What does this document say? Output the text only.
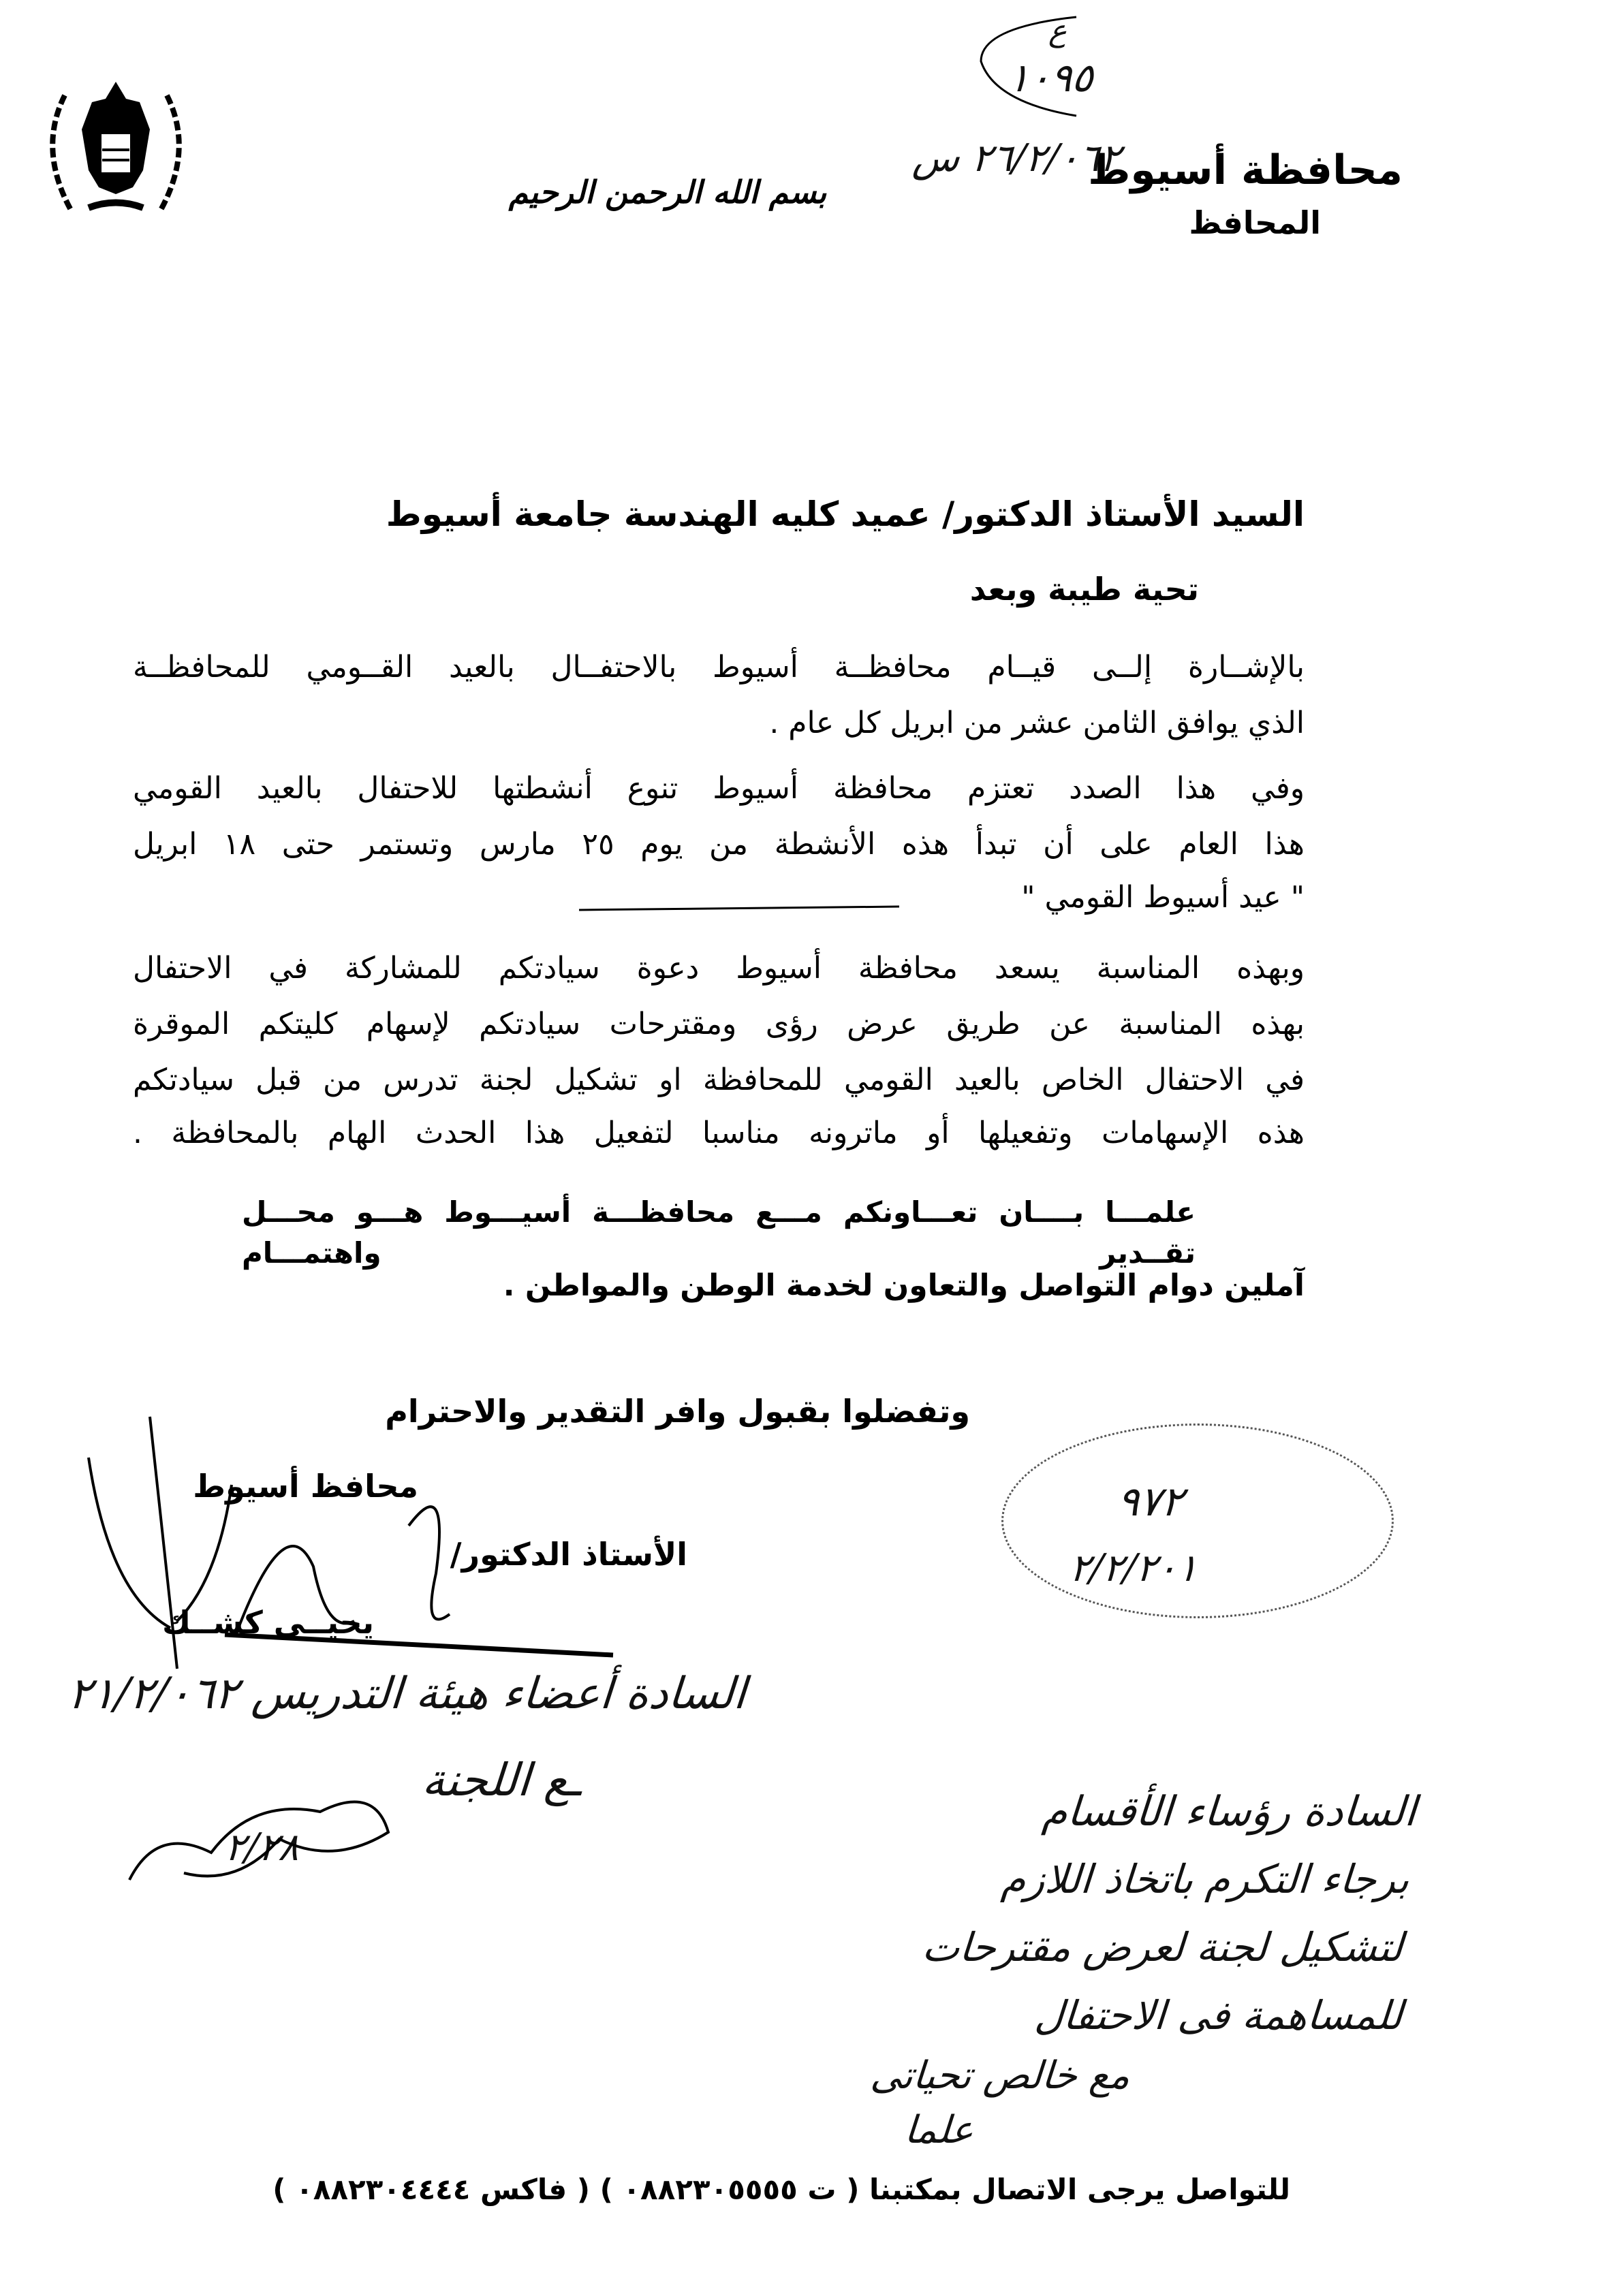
بسم الله الرحمن الرحيم	محافظة أسيوط
المحافظ
ع
١٠٩٥
٢٦/٢/٠٦٢ س
السيد الأستاذ الدكتور/ عميد كليه الهندسة جامعة أسيوط
تحية طيبة وبعد
بالإشــارة إلــى قيــام محافظــة أسيوط بالاحتفــال بالعيد القــومي للمحافظــة
الذي يوافق الثامن عشر من ابريل كل عام .
وفي هذا الصدد تعتزم محافظة أسيوط تنوع أنشطتها للاحتفال بالعيد القومي
هذا العام على أن تبدأ هذه الأنشطة من يوم ٢٥ مارس وتستمر حتى ١٨ ابريل
" عيد أسيوط القومي "
وبهذه المناسبة يسعد محافظة أسيوط دعوة سيادتكم للمشاركة في الاحتفال
بهذه المناسبة عن طريق عرض رؤى ومقترحات سيادتكم لإسهام كليتكم الموقرة
في الاحتفال الخاص بالعيد القومي للمحافظة او تشكيل لجنة تدرس من قبل سيادتكم
هذه الإسهامات وتفعيلها أو ماترونه مناسبا لتفعيل هذا الحدث الهام بالمحافظة .
علمـــا بــــان تعـــاونكم مـــع محافظـــة أسيـــوط هـــو محـــل تقــدير واهتمـــام
آملين دوام التواصل والتعاون لخدمة الوطن والمواطن .
وتفضلوا بقبول وافر التقدير والاحترام
محافظ أسيوط
الأستاذ الدكتور/
يحيــى كشــك
٩٧٢
٢/٢/٢٠١
السادة أعضاء هيئة التدريس ٢١/٢/٠٦٢
ـع اللجنة
٢/٢٨
السادة رؤساء الأقسام
برجاء التكرم باتخاذ اللازم
لتشكيل لجنة لعرض مقترحات
للمساهمة فى الاحتفال
مع خالص تحياتى
علما
للتواصل يرجى الاتصال بمكتبنا ( ت ٠٨٨٢٣٠٥٥٥٥ ) ( فاكس ٠٨٨٢٣٠٤٤٤٤ )
